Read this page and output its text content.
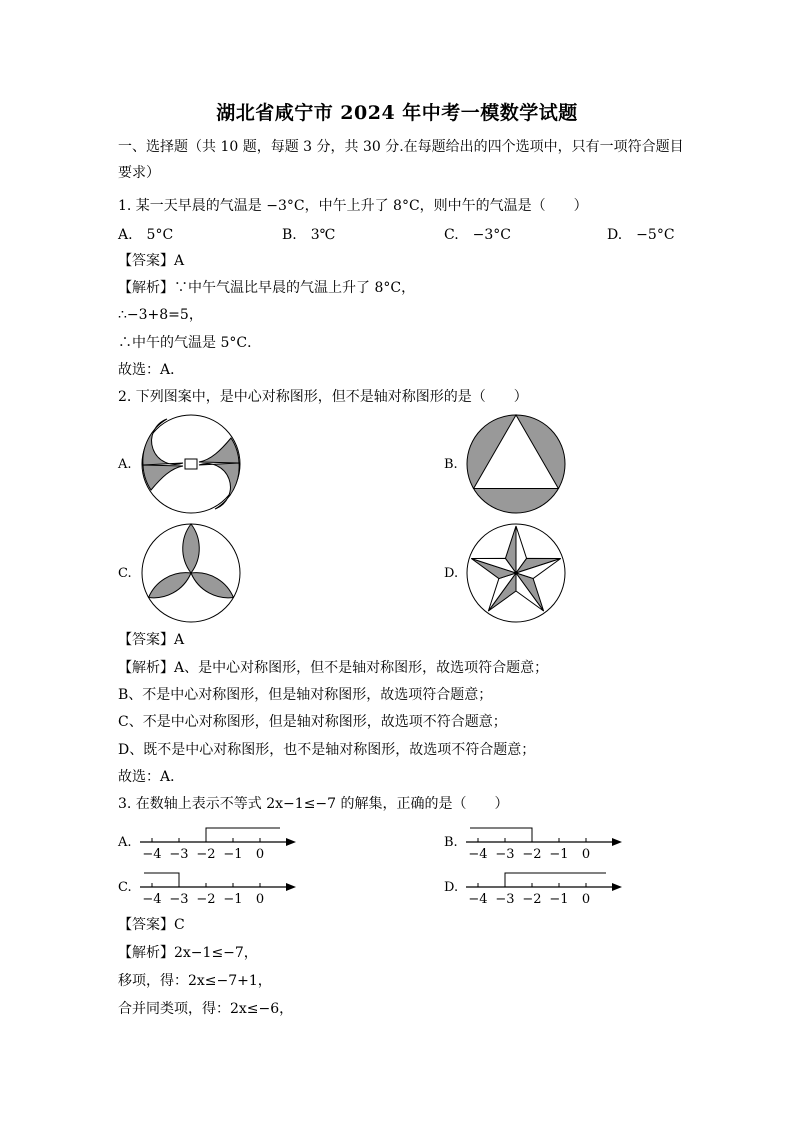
湖北省咸宁市 2024 年中考一模数学试题
一、选择题（共 10 题，每题 3 分，共 30 分.在每题给出的四个选项中，只有一项符合题目
要求）
1. 某一天早晨的气温是 −3°C，中午上升了 8°C，则中午的气温是（　　）
A.　5°C	B.　3℃	C.　−3°C	D.　−5°C
【答案】A
【解析】∵中午气温比早晨的气温上升了 8°C，
∴−3+8=5，
∴中午的气温是 5°C．
故选：A．
2. 下列图案中，是中心对称图形，但不是轴对称图形的是（　　）
A.	B.
C.	D.
【答案】A
【解析】A、是中心对称图形，但不是轴对称图形，故选项符合题意；
B、不是中心对称图形，但是轴对称图形，故选项符合题意；
C、不是中心对称图形，但是轴对称图形，故选项不符合题意；
D、既不是中心对称图形，也不是轴对称图形，故选项不符合题意；
故选：A．
3. 在数轴上表示不等式 2x−1≤−7 的解集，正确的是（　　）
A.	B.
C.	D.
−4 −3 −2 −1 0	−4 −3 −2 −1 0
−4 −3 −2 −1 0	−4 −3 −2 −1 0
【答案】C
【解析】2x−1≤−7，
移项，得：2x≤−7+1，
合并同类项，得：2x≤−6，
